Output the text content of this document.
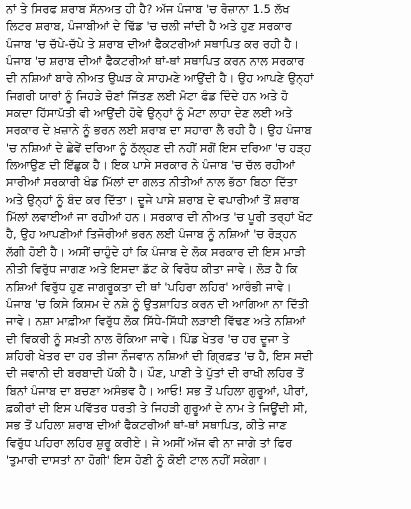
ਨਾਂ ਤੇ ਸਿਰਫ ਸ਼ਰਾਬ ਸੱਨਅਤ ਹੀ ਹੈ? ਅੱਜ ਪੰਜਾਬ 'ਚ ਰੋਜ਼ਾਨਾ 1.5 ਲੱਖ
ਲਿਟਰ ਸ਼ਰਾਬ, ਪੰਜਾਬੀਆਂ ਦੇ ਢਿੱਡ 'ਚ ਚਲੀ ਜਾਂਦੀ ਹੈ ਅਤੇ ਹੁਣ ਸਰਕਾਰ
ਪੰਜਾਬ 'ਚ ਚੱਪੇ-ਚੱਪੇ ਤੇ ਸ਼ਰਾਬ ਦੀਆਂ ਫੈਕਟਰੀਆਂ ਸਥਾਪਿਤ ਕਰ ਰਹੀ ਹੈ।
ਪੰਜਾਬ 'ਚ ਸ਼ਰਾਬ ਦੀਆਂ ਫੈਕਟਰੀਆਂ ਥਾਂ-ਥਾਂ ਸਥਾਪਿਤ ਕਰਨ ਨਾਲ ਸਰਕਾਰ
ਦੀ ਨਸ਼ਿਆਂ ਬਾਰੇ ਨੀਅਤ ਉਘੜ ਕੇ ਸਾਹਮਣੇ ਆਉਂਦੀ ਹੈ। ਉਹ ਆਪਣੇ ਉਨ੍ਹਾਂ
ਜਿਗਰੀ ਯਾਰਾਂ ਨੂੰ ਜਿਹੜੇ ਚੋਣਾਂ ਜਿੱਤਣ ਲਈ ਮੋਟਾ ਫੰਡ ਦਿੰਦੇ ਹਨ ਅਤੇ ਹੋ
ਸਕਦਾ ਹਿੱਸਾਪੱਤੀ ਵੀ ਆਉਂਦੀ ਹੋਵੇ ਉਨ੍ਹਾਂ ਨੂੰ ਮੋਟਾ ਲਾਹਾ ਦੇਣ ਲਈ ਅਤੇ
ਸਰਕਾਰ ਦੇ ਖ਼ਜ਼ਾਨੇ ਨੂੰ ਭਰਨ ਲਈ ਸ਼ਰਾਬ ਦਾ ਸਹਾਰਾ ਲੈ ਰਹੀ ਹੈ। ਉਹ ਪੰਜਾਬ
'ਚ ਨਸ਼ਿਆਂ ਦੇ ਛੇਵੇਂ ਦਰਿਆ ਨੂੰ ਠੱਲ੍ਹਣ ਦੀ ਨਹੀਂ ਸਗੋਂ ਇਸ ਦਰਿਆ 'ਚ ਹੜ੍ਹ
ਲਿਆਉਣ ਦੀ ਇੱਛੁਕ ਹੈ। ਇਕ ਪਾਸੇ ਸਰਕਾਰ ਨੇ ਪੰਜਾਬ 'ਚ ਚੱਲ ਰਹੀਆਂ
ਸਾਰੀਆਂ ਸਰਕਾਰੀ ਖੰਡ ਮਿੱਲਾਂ ਦਾ ਗਲਤ ਨੀਤੀਆਂ ਨਾਲ ਭੱਠਾ ਬਿਠਾ ਦਿੱਤਾ
ਅਤੇ ਉਨ੍ਹਾਂ ਨੂੰ ਬੰਦ ਕਰ ਦਿੱਤਾ। ਦੂਜੇ ਪਾਸੇ ਸ਼ਰਾਬ ਦੇ ਵਪਾਰੀਆਂ ਤੋਂ ਸ਼ਰਾਬ
ਮਿੱਲਾਂ ਲਵਾਈਆਂ ਜਾ ਰਹੀਆਂ ਹਨ। ਸਰਕਾਰ ਦੀ ਨੀਅਤ 'ਚ ਪੂਰੀ ਤਰ੍ਹਾਂ ਖੋਟ
ਹੈ, ਉਹ ਆਪਣੀਆਂ ਤਿਜੋਰੀਆਂ ਭਰਨ ਲਈ ਪੰਜਾਬ ਨੂੰ ਨਸ਼ਿਆਂ 'ਚ ਰੋੜ੍ਹਨ
ਲੱਗੀ ਹੋਈ ਹੈ। ਅਸੀਂ ਚਾਹੁੰਦੇ ਹਾਂ ਕਿ ਪੰਜਾਬ ਦੇ ਲੋਕ ਸਰਕਾਰ ਦੀ ਇਸ ਮਾੜੀ
ਨੀਤੀ ਵਿਰੁੱਧ ਜਾਗਣ ਅਤੇ ਇਸਦਾ ਡੱਟ ਕੇ ਵਿਰੋਧ ਕੀਤਾ ਜਾਵੇ। ਲੋੜ ਹੈ ਕਿ
ਨਸ਼ਿਆਂ ਵਿਰੁੱਧ ਹੁਣ ਜਾਗਰੂਕਤਾ ਦੀ ਥਾਂ 'ਪਹਿਰਾ ਲਹਿਰ' ਆਰੰਭੀ ਜਾਵੇ।
ਪੰਜਾਬ 'ਚ ਕਿਸੇ ਕਿਸਮ ਦੇ ਨਸ਼ੇ ਨੂੰ ਉਤਸ਼ਾਹਿਤ ਕਰਨ ਦੀ ਆਗਿਆ ਨਾ ਦਿੱਤੀ
ਜਾਵੇ। ਨਸ਼ਾ ਮਾਫ਼ੀਆ ਵਿਰੁੱਧ ਲੋਕ ਸਿੱਧੇ-ਸਿੱਧੀ ਲੜਾਈ ਵਿੱਢਣ ਅਤੇ ਨਸ਼ਿਆਂ
ਦੀ ਵਿਕਰੀ ਨੂੰ ਸਖ਼ਤੀ ਨਾਲ ਰੋਕਿਆ ਜਾਵੇ। ਪਿੰਡ ਖੇਤਰ 'ਚ ਹਰ ਦੂਜਾ ਤੇ
ਸ਼ਹਿਰੀ ਖੇਤਰ ਦਾ ਹਰ ਤੀਜਾ ਨੌਜਵਾਨ ਨਸ਼ਿਆਂ ਦੀ ਗ੍ਰਿਫ਼ਤ 'ਚ ਹੈ, ਇਸ ਸਦੀ
ਦੀ ਜਵਾਨੀ ਦੀ ਬਰਬਾਦੀ ਪੱਕੀ ਹੈ। ਪੌਣ, ਪਾਣੀ ਤੇ ਪੁੱਤਾਂ ਦੀ ਰਾਖੀ ਲਹਿਰ ਤੋਂ
ਬਿਨਾਂ ਪੰਜਾਬ ਦਾ ਬਚਣਾ ਅਸੰਭਵ ਹੈ। ਆਓ! ਸਭ ਤੋਂ ਪਹਿਲਾ ਗੁਰੂਆਂ, ਪੀਰਾਂ,
ਫ਼ਕੀਰਾਂ ਦੀ ਇਸ ਪਵਿੱਤਰ ਧਰਤੀ ਤੇ ਜਿਹੜੀ ਗੁਰੂਆਂ ਦੇ ਨਾਮ ਤੇ ਜਿਊਂਦੀ ਸੀ,
ਸਭ ਤੋਂ ਪਹਿਲਾ ਸ਼ਰਾਬ ਦੀਆਂ ਫੈਕਟਰੀਆਂ ਥਾਂ-ਥਾਂ ਸਥਾਪਿਤ, ਕੀਤੇ ਜਾਣ
ਵਿਰੁੱਧ ਪਹਿਰਾ ਲਹਿਰ ਸ਼ੁਰੂ ਕਰੀਏ। ਜੇ ਅਸੀਂ ਅੱਜ ਵੀ ਨਾ ਜਾਗੇ ਤਾਂ ਫਿਰ
'ਤੁਮਾਰੀ ਦਾਸਤਾਂ ਨਾ ਹੋਗੀ' ਇਸ ਹੋਣੀ ਨੂੰ ਕੋਈ ਟਾਲ ਨਹੀਂ ਸਕੇਗਾ।
